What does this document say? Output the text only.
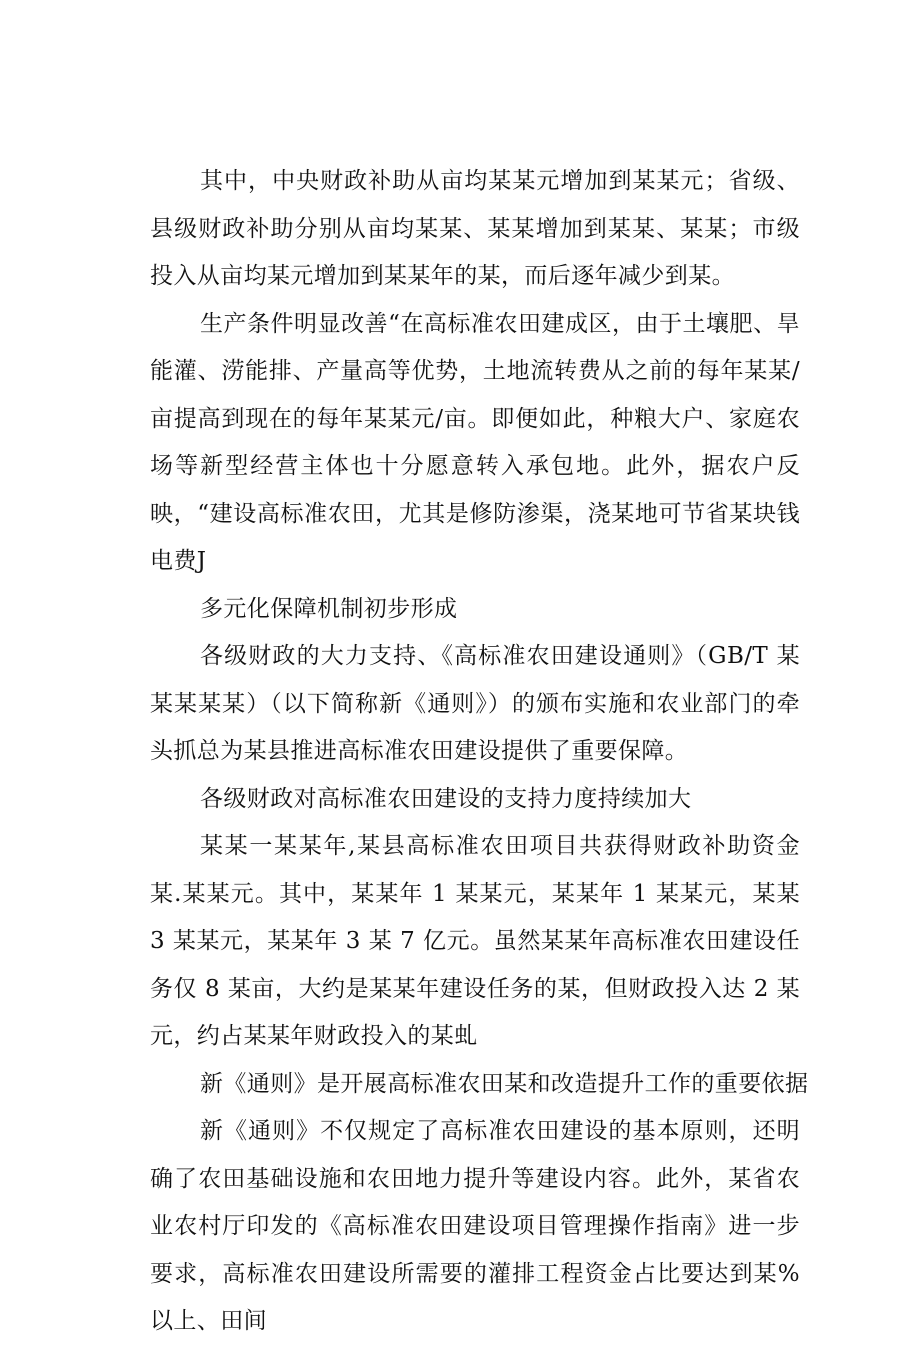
其中，中央财政补助从亩均某某元增加到某某元；省级、县级财政补助分别从亩均某某、某某增加到某某、某某；市级投入从亩均某元增加到某某年的某，而后逐年减少到某。

生产条件明显改善“在高标准农田建成区，由于土壤肥、旱能灌、涝能排、产量高等优势，土地流转费从之前的每年某某/亩提高到现在的每年某某元/亩。即便如此，种粮大户、家庭农场等新型经营主体也十分愿意转入承包地。此外，据农户反映，“建设高标准农田，尤其是修防渗渠，浇某地可节省某块钱电费J

多元化保障机制初步形成

各级财政的大力支持、《高标准农田建设通则》（GB/T 某某某某某）（以下简称新《通则》）的颁布实施和农业部门的牵头抓总为某县推进高标准农田建设提供了重要保障。

各级财政对高标准农田建设的支持力度持续加大

某某一某某年,某县高标准农田项目共获得财政补助资金某.某某元。其中，某某年 1 某某元，某某年 1 某某元，某某 3 某某元，某某年 3 某 7 亿元。虽然某某年高标准农田建设任务仅 8 某亩，大约是某某年建设任务的某，但财政投入达 2 某元，约占某某年财政投入的某虬

新《通则》是开展高标准农田某和改造提升工作的重要依据

新《通则》不仅规定了高标准农田建设的基本原则，还明确了农田基础设施和农田地力提升等建设内容。此外，某省农业农村厅印发的《高标准农田建设项目管理操作指南》进一步要求，高标准农田建设所需要的灌排工程资金占比要达到某%以上、田间
